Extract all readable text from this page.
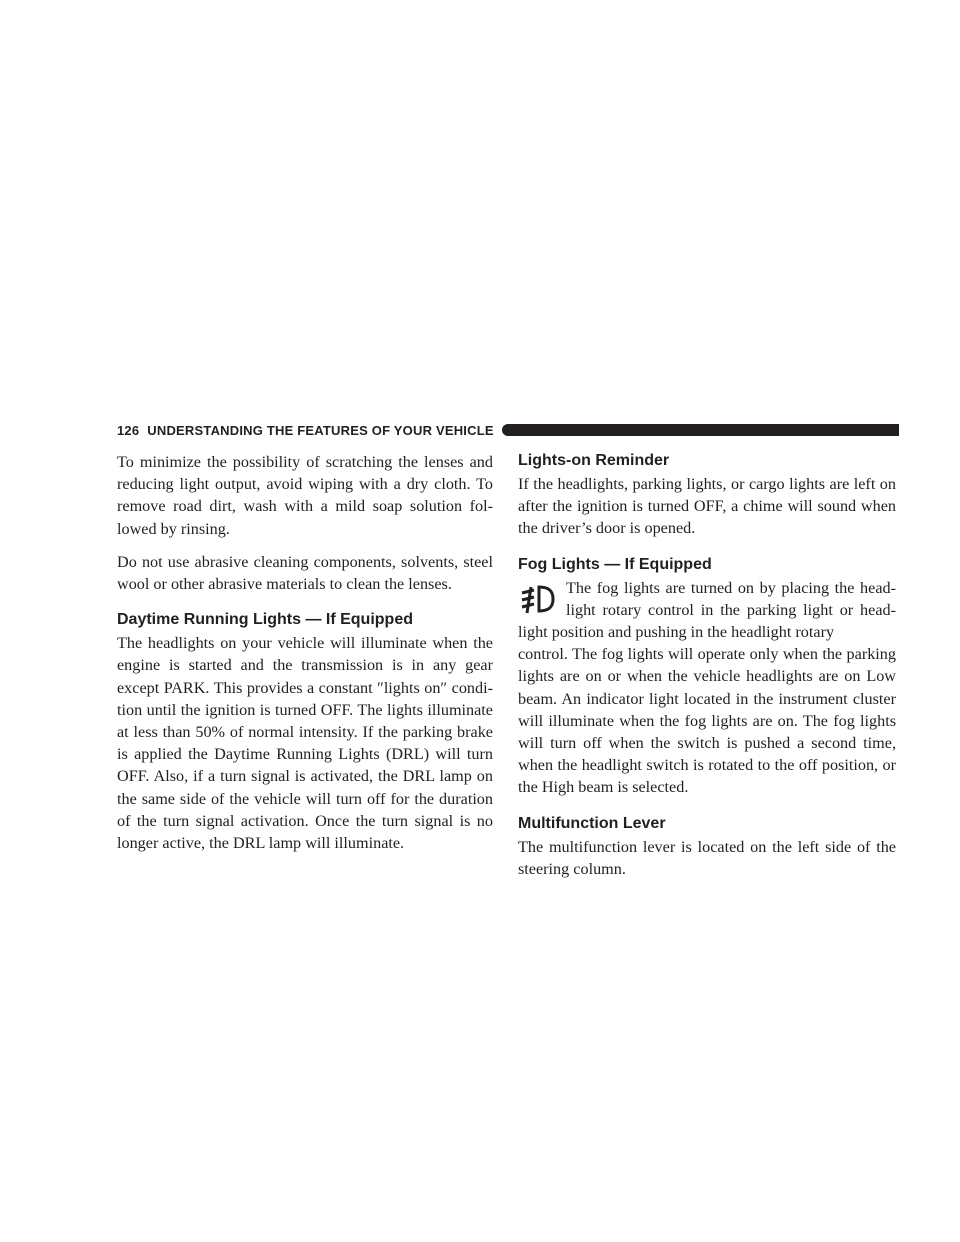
126 UNDERSTANDING THE FEATURES OF YOUR VEHICLE

To minimize the possibility of scratching the lenses and reducing light output, avoid wiping with a dry cloth. To remove road dirt, wash with a mild soap solution fol-lowed by rinsing.

Do not use abrasive cleaning components, solvents, steel wool or other abrasive materials to clean the lenses.

Daytime Running Lights — If Equipped

The headlights on your vehicle will illuminate when the engine is started and the transmission is in any gear except PARK. This provides a constant ″lights on″ condi-tion until the ignition is turned OFF. The lights illuminate at less than 50% of normal intensity. If the parking brake is applied the Daytime Running Lights (DRL) will turn OFF. Also, if a turn signal is activated, the DRL lamp on the same side of the vehicle will turn off for the duration of the turn signal activation. Once the turn signal is no longer active, the DRL lamp will illuminate.

Lights-on Reminder

If the headlights, parking lights, or cargo lights are left on after the ignition is turned OFF, a chime will sound when the driver’s door is opened.

Fog Lights — If Equipped

The fog lights are turned on by placing the head-light rotary control in the parking light or head-light position and pushing in the headlight rotary

control. The fog lights will operate only when the parking lights are on or when the vehicle headlights are on Low beam. An indicator light located in the instrument cluster will illuminate when the fog lights are on. The fog lights will turn off when the switch is pushed a second time, when the headlight switch is rotated to the off position, or the High beam is selected.

Multifunction Lever

The multifunction lever is located on the left side of the steering column.
